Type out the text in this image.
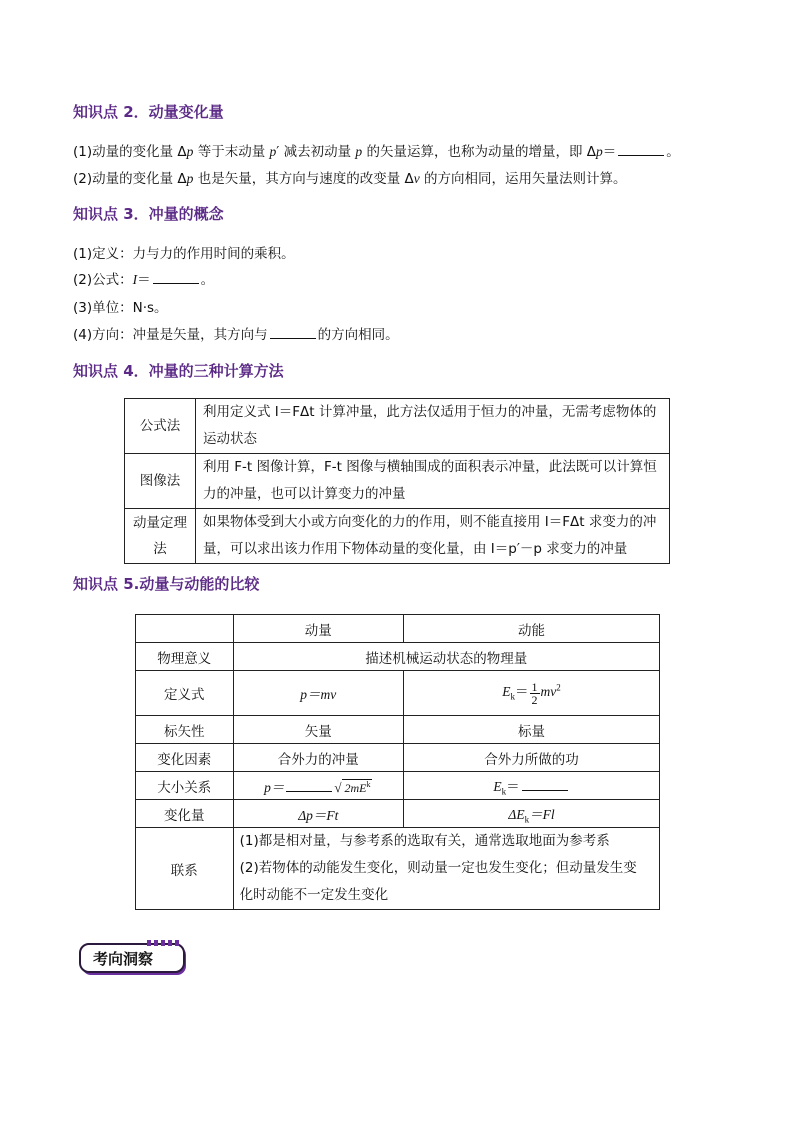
知识点 2．动量变化量
(1)动量的变化量 Δp 等于末动量 p′ 减去初动量 p 的矢量运算，也称为动量的增量，即 Δp＝	。
(2)动量的变化量 Δp 也是矢量，其方向与速度的改变量 Δv 的方向相同，运用矢量法则计算。
知识点 3．冲量的概念
(1)定义：力与力的作用时间的乘积。
(2)公式：I＝	。
(3)单位：N·s。
(4)方向：冲量是矢量，其方向与	的方向相同。
知识点 4．冲量的三种计算方法
公式法	利用定义式 I＝FΔt 计算冲量，此方法仅适用于恒力的冲量，无需考虑物体的运动状态
图像法	利用 F-t 图像计算，F-t 图像与横轴围成的面积表示冲量，此法既可以计算恒力的冲量，也可以计算变力的冲量
动量定理法	如果物体受到大小或方向变化的力的作用，则不能直接用 I＝FΔt 求变力的冲量，可以求出该力作用下物体动量的变化量，由 I＝p′－p 求变力的冲量
知识点 5.动量与动能的比较
	动量	动能
物理意义	描述机械运动状态的物理量	
定义式	p＝mv	$E_k= \frac{1}{2} mv^2$
标矢性	矢量	标量
变化因素	合外力的冲量	合外力所做的功
大小关系	p＝ √ $2mE^k$	$E_k=$
变化量	Δp＝Ft	$\Delta E_k=Fl$
联系	(1)都是相对量，与参考系的选取有关，通常选取地面为参考系
(2)若物体的动能发生变化，则动量一定也发生变化；但动量发生变
化时动能不一定发生变化	
考向洞察
